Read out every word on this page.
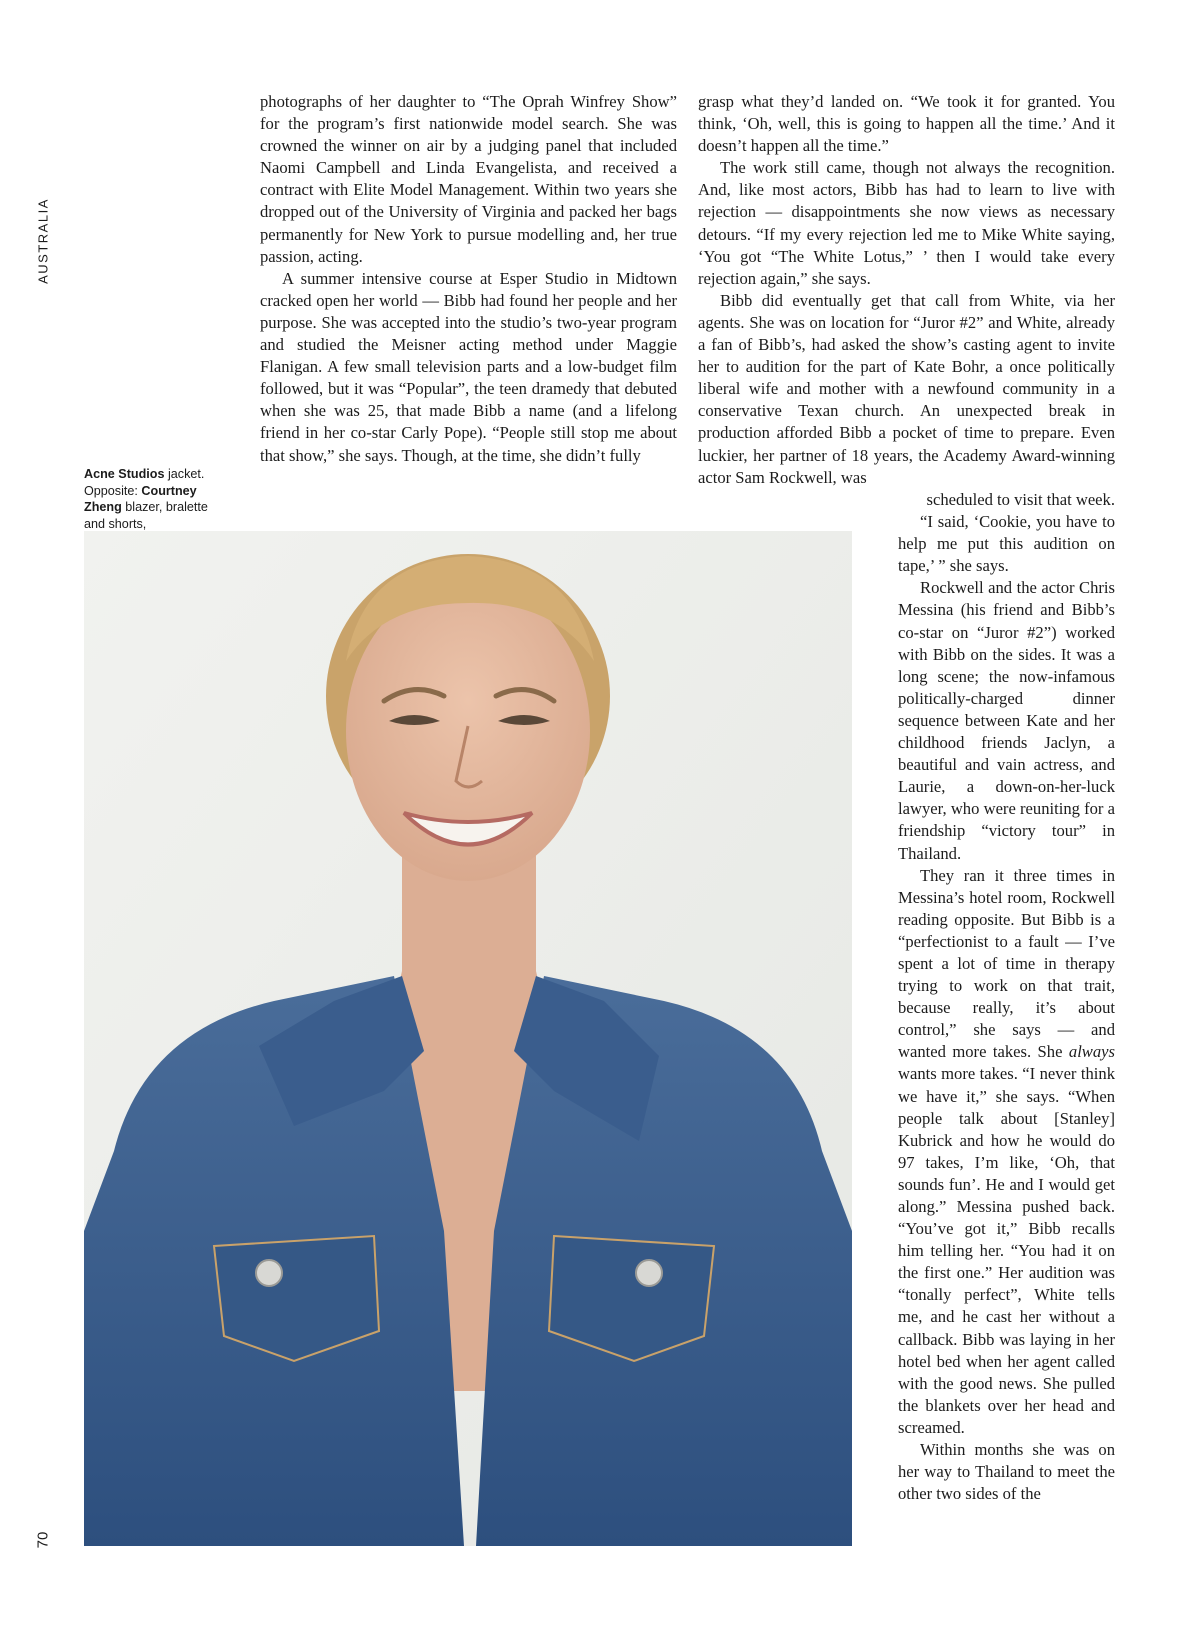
AUSTRALIA
70
Acne Studios jacket. Opposite: Courtney Zheng blazer, bralette and shorts,

photographs of her daughter to “The Oprah Winfrey Show” for the program’s first nationwide model search. She was crowned the winner on air by a judging panel that included Naomi Campbell and Linda Evangelista, and received a contract with Elite Model Management. Within two years she dropped out of the University of Virginia and packed her bags permanently for New York to pursue modelling and, her true passion, acting.

A summer intensive course at Esper Studio in Midtown cracked open her world — Bibb had found her people and her purpose. She was accepted into the studio’s two-year program and studied the Meisner acting method under Maggie Flanigan. A few small television parts and a low-budget film followed, but it was “Popular”, the teen dramedy that debuted when she was 25, that made Bibb a name (and a lifelong friend in her co-star Carly Pope). “People still stop me about that show,” she says. Though, at the time, she didn’t fully

grasp what they’d landed on. “We took it for granted. You think, ‘Oh, well, this is going to happen all the time.’ And it doesn’t happen all the time.”

The work still came, though not always the recognition. And, like most actors, Bibb has had to learn to live with rejection — disappointments she now views as necessary detours. “If my every rejection led me to Mike White saying, ‘You got “The White Lotus,” ’ then I would take every rejection again,” she says.

Bibb did eventually get that call from White, via her agents. She was on location for “Juror #2” and White, already a fan of Bibb’s, had asked the show’s casting agent to invite her to audition for the part of Kate Bohr, a once politically liberal wife and mother with a newfound community in a conservative Texan church. An unexpected break in production afforded Bibb a pocket of time to prepare. Even luckier, her partner of 18 years, the Academy Award-winning actor Sam Rockwell, was

scheduled to visit that week.

“I said, ‘Cookie, you have to help me put this audition on tape,’ ” she says.

Rockwell and the actor Chris Messina (his friend and Bibb’s co-star on “Juror #2”) worked with Bibb on the sides. It was a long scene; the now-infamous politically-charged dinner sequence between Kate and her childhood friends Jaclyn, a beautiful and vain actress, and Laurie, a down-on-her-luck lawyer, who were reuniting for a friendship “victory tour” in Thailand.

They ran it three times in Messina’s hotel room, Rockwell reading opposite. But Bibb is a “perfectionist to a fault — I’ve spent a lot of time in therapy trying to work on that trait, because really, it’s about control,” she says — and wanted more takes. She always wants more takes. “I never think we have it,” she says. “When people talk about [Stanley] Kubrick and how he would do 97 takes, I’m like, ‘Oh, that sounds fun’. He and I would get along.” Messina pushed back. “You’ve got it,” Bibb recalls him telling her. “You had it on the first one.” Her audition was “tonally perfect”, White tells me, and he cast her without a callback. Bibb was laying in her hotel bed when her agent called with the good news. She pulled the blankets over her head and screamed.

Within months she was on her way to Thailand to meet the other two sides of the
